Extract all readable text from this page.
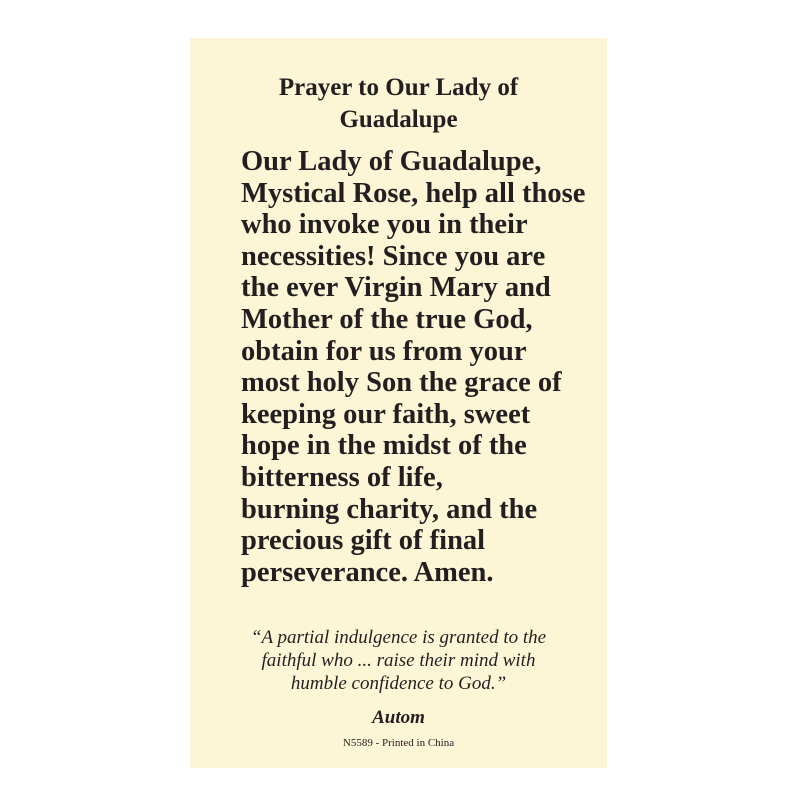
Prayer to Our Lady of
Guadalupe
Our Lady of Guadalupe,
Mystical Rose, help all those
who invoke you in their
necessities! Since you are
the ever Virgin Mary and
Mother of the true God,
obtain for us from your
most holy Son the grace of
keeping our faith, sweet
hope in the midst of the
bitterness of life,
burning charity, and the
precious gift of final
perseverance. Amen.
“A partial indulgence is granted to the
faithful who ... raise their mind with
humble confidence to God.”
Autom
N5589 - Printed in China
